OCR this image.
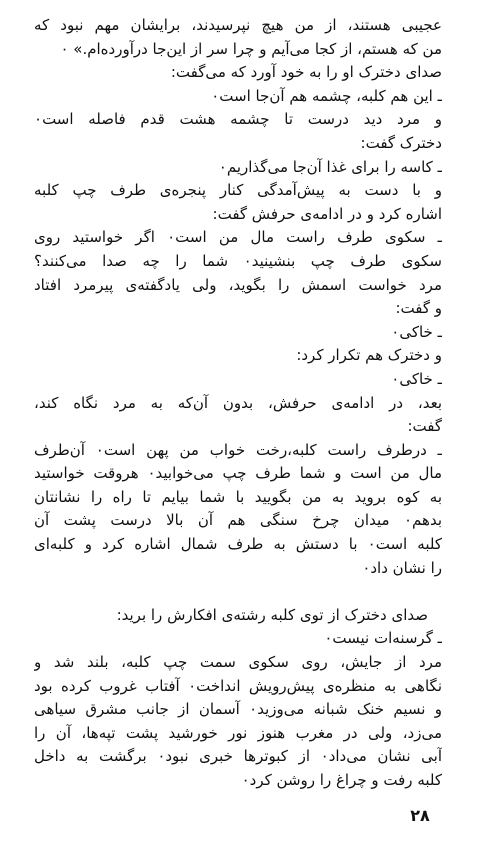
عجیبی هستند، از من هیچ نپرسیدند، برایشان مهم نبود که
من که هستم، از کجا می‌آیم و چرا سر از این‌جا درآورده‌ام.» ٠
صدای دخترک او را به خود آورد که می‌گفت:
ـ این هم کلبه، چشمه هم آن‌جا است٠
و مرد دید درست تا چشمه هشت قدم فاصله است٠
دخترک گفت:
ـ کاسه را برای غذا آن‌جا می‌گذاریم٠
و با دست به پیش‌آمدگی کنار پنجره‌ی طرف چپ کلبه
اشاره کرد و در ادامه‌ی حرفش گفت:
ـ سکوی طرف راست مال من است٠ اگر خواستید روی
سکوی طرف چپ بنشینید٠ شما را چه صدا می‌کنند؟
مرد خواست اسمش را بگوید، ولی یادگفته‌ی پیرمرد افتاد
و گفت:
ـ خاکی٠
و دخترک هم تکرار کرد:
ـ خاکی٠
بعد، در ادامه‌ی حرفش، بدون آن‌که به مرد نگاه کند،
گفت:
ـ درطرف راست کلبه،رخت خواب من پهن است٠ آن‌طرف
مال من است و شما طرف چپ می‌خوابید٠ هروقت خواستید
به کوه بروید به من بگویید با شما بیایم تا راه را نشانتان
بدهم٠ میدان چرخ سنگی هم آن بالا درست پشت آن
کلبه است٠ با دستش به طرف شمال اشاره کرد و کلبه‌ای
را نشان داد٠
صدای دخترک از توی کلبه رشته‌ی افکارش را برید:
ـ گرسنه‌ات نیست٠
مرد از جایش، روی سکوی سمت چپ کلبه، بلند شد و
نگاهی به منظره‌ی پیش‌رویش انداخت٠ آفتاب غروب کرده بود
و نسیم خنک شبانه می‌وزید٠ آسمان از جانب مشرق سیاهی
می‌زد، ولی در مغرب هنوز نور خورشید پشت تپه‌ها، آن را
آبی نشان می‌داد٠ از کبوترها خبری نبود٠ برگشت به داخل
کلبه رفت و چراغ را روشن کرد٠
۲۸
